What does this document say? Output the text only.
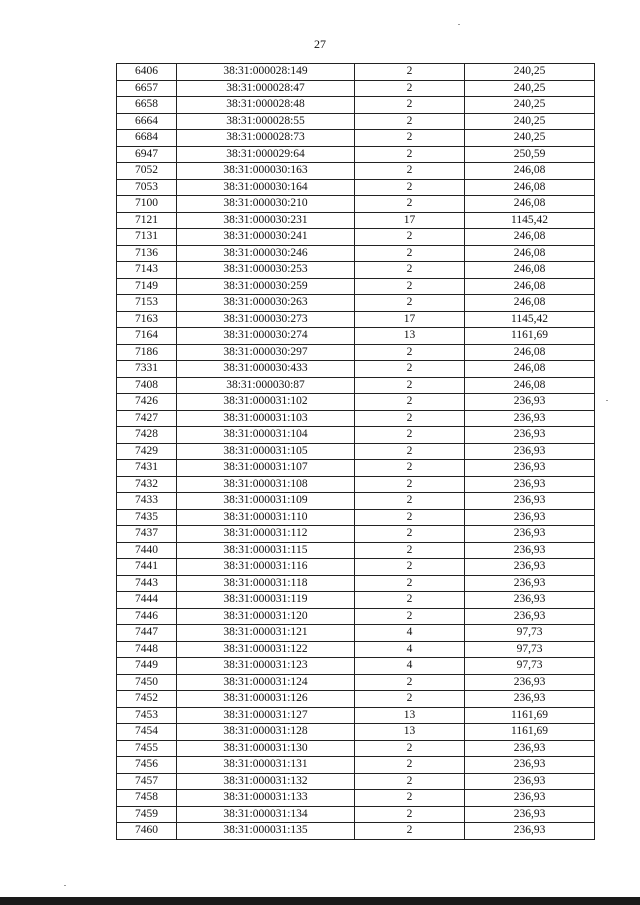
27
6406	38:31:000028:149	2	240,25
6657	38:31:000028:47	2	240,25
6658	38:31:000028:48	2	240,25
6664	38:31:000028:55	2	240,25
6684	38:31:000028:73	2	240,25
6947	38:31:000029:64	2	250,59
7052	38:31:000030:163	2	246,08
7053	38:31:000030:164	2	246,08
7100	38:31:000030:210	2	246,08
7121	38:31:000030:231	17	1145,42
7131	38:31:000030:241	2	246,08
7136	38:31:000030:246	2	246,08
7143	38:31:000030:253	2	246,08
7149	38:31:000030:259	2	246,08
7153	38:31:000030:263	2	246,08
7163	38:31:000030:273	17	1145,42
7164	38:31:000030:274	13	1161,69
7186	38:31:000030:297	2	246,08
7331	38:31:000030:433	2	246,08
7408	38:31:000030:87	2	246,08
7426	38:31:000031:102	2	236,93
7427	38:31:000031:103	2	236,93
7428	38:31:000031:104	2	236,93
7429	38:31:000031:105	2	236,93
7431	38:31:000031:107	2	236,93
7432	38:31:000031:108	2	236,93
7433	38:31:000031:109	2	236,93
7435	38:31:000031:110	2	236,93
7437	38:31:000031:112	2	236,93
7440	38:31:000031:115	2	236,93
7441	38:31:000031:116	2	236,93
7443	38:31:000031:118	2	236,93
7444	38:31:000031:119	2	236,93
7446	38:31:000031:120	2	236,93
7447	38:31:000031:121	4	97,73
7448	38:31:000031:122	4	97,73
7449	38:31:000031:123	4	97,73
7450	38:31:000031:124	2	236,93
7452	38:31:000031:126	2	236,93
7453	38:31:000031:127	13	1161,69
7454	38:31:000031:128	13	1161,69
7455	38:31:000031:130	2	236,93
7456	38:31:000031:131	2	236,93
7457	38:31:000031:132	2	236,93
7458	38:31:000031:133	2	236,93
7459	38:31:000031:134	2	236,93
7460	38:31:000031:135	2	236,93
